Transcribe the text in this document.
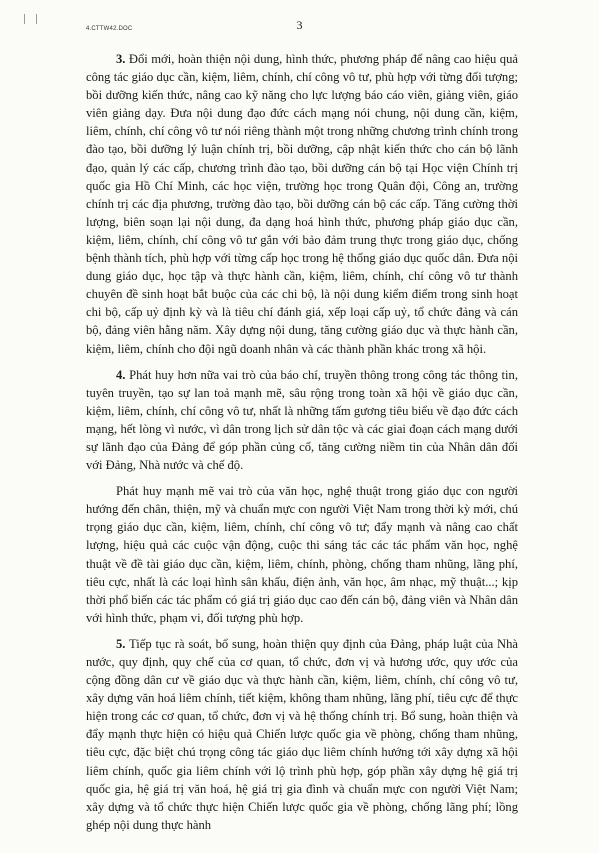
4.CTTW42.DOC	3

3. Đổi mới, hoàn thiện nội dung, hình thức, phương pháp để nâng cao hiệu quả công tác giáo dục cần, kiệm, liêm, chính, chí công vô tư, phù hợp với từng đối tượng; bồi dưỡng kiến thức, nâng cao kỹ năng cho lực lượng báo cáo viên, giảng viên, giáo viên giảng dạy. Đưa nội dung đạo đức cách mạng nói chung, nội dung cần, kiệm, liêm, chính, chí công vô tư nói riêng thành một trong những chương trình chính trong đào tạo, bồi dưỡng lý luận chính trị, bồi dưỡng, cập nhật kiến thức cho cán bộ lãnh đạo, quản lý các cấp, chương trình đào tạo, bồi dưỡng cán bộ tại Học viện Chính trị quốc gia Hồ Chí Minh, các học viện, trường học trong Quân đội, Công an, trường chính trị các địa phương, trường đào tạo, bồi dưỡng cán bộ các cấp. Tăng cường thời lượng, biên soạn lại nội dung, đa dạng hoá hình thức, phương pháp giáo dục cần, kiệm, liêm, chính, chí công vô tư gắn với bảo đảm trung thực trong giáo dục, chống bệnh thành tích, phù hợp với từng cấp học trong hệ thống giáo dục quốc dân. Đưa nội dung giáo dục, học tập và thực hành cần, kiệm, liêm, chính, chí công vô tư thành chuyên đề sinh hoạt bắt buộc của các chi bộ, là nội dung kiểm điểm trong sinh hoạt chi bộ, cấp uỷ định kỳ và là tiêu chí đánh giá, xếp loại cấp uỷ, tổ chức đảng và cán bộ, đảng viên hằng năm. Xây dựng nội dung, tăng cường giáo dục và thực hành cần, kiệm, liêm, chính cho đội ngũ doanh nhân và các thành phần khác trong xã hội.

4. Phát huy hơn nữa vai trò của báo chí, truyền thông trong công tác thông tin, tuyên truyền, tạo sự lan toả mạnh mẽ, sâu rộng trong toàn xã hội về giáo dục cần, kiệm, liêm, chính, chí công vô tư, nhất là những tấm gương tiêu biểu về đạo đức cách mạng, hết lòng vì nước, vì dân trong lịch sử dân tộc và các giai đoạn cách mạng dưới sự lãnh đạo của Đảng để góp phần củng cố, tăng cường niềm tin của Nhân dân đối với Đảng, Nhà nước và chế độ.

Phát huy mạnh mẽ vai trò của văn học, nghệ thuật trong giáo dục con người hướng đến chân, thiện, mỹ và chuẩn mực con người Việt Nam trong thời kỳ mới, chú trọng giáo dục cần, kiệm, liêm, chính, chí công vô tư; đẩy mạnh và nâng cao chất lượng, hiệu quả các cuộc vận động, cuộc thi sáng tác các tác phẩm văn học, nghệ thuật về đề tài giáo dục cần, kiệm, liêm, chính, phòng, chống tham nhũng, lãng phí, tiêu cực, nhất là các loại hình sân khấu, điện ảnh, văn học, âm nhạc, mỹ thuật...; kịp thời phổ biến các tác phẩm có giá trị giáo dục cao đến cán bộ, đảng viên và Nhân dân với hình thức, phạm vi, đối tượng phù hợp.

5. Tiếp tục rà soát, bổ sung, hoàn thiện quy định của Đảng, pháp luật của Nhà nước, quy định, quy chế của cơ quan, tổ chức, đơn vị và hương ước, quy ước của cộng đồng dân cư về giáo dục và thực hành cần, kiệm, liêm, chính, chí công vô tư, xây dựng văn hoá liêm chính, tiết kiệm, không tham nhũng, lãng phí, tiêu cực để thực hiện trong các cơ quan, tổ chức, đơn vị và hệ thống chính trị. Bổ sung, hoàn thiện và đẩy mạnh thực hiện có hiệu quả Chiến lược quốc gia về phòng, chống tham nhũng, tiêu cực, đặc biệt chú trọng công tác giáo dục liêm chính hướng tới xây dựng xã hội liêm chính, quốc gia liêm chính với lộ trình phù hợp, góp phần xây dựng hệ giá trị quốc gia, hệ giá trị văn hoá, hệ giá trị gia đình và chuẩn mực con người Việt Nam; xây dựng và tổ chức thực hiện Chiến lược quốc gia về phòng, chống lãng phí; lồng ghép nội dung thực hành
